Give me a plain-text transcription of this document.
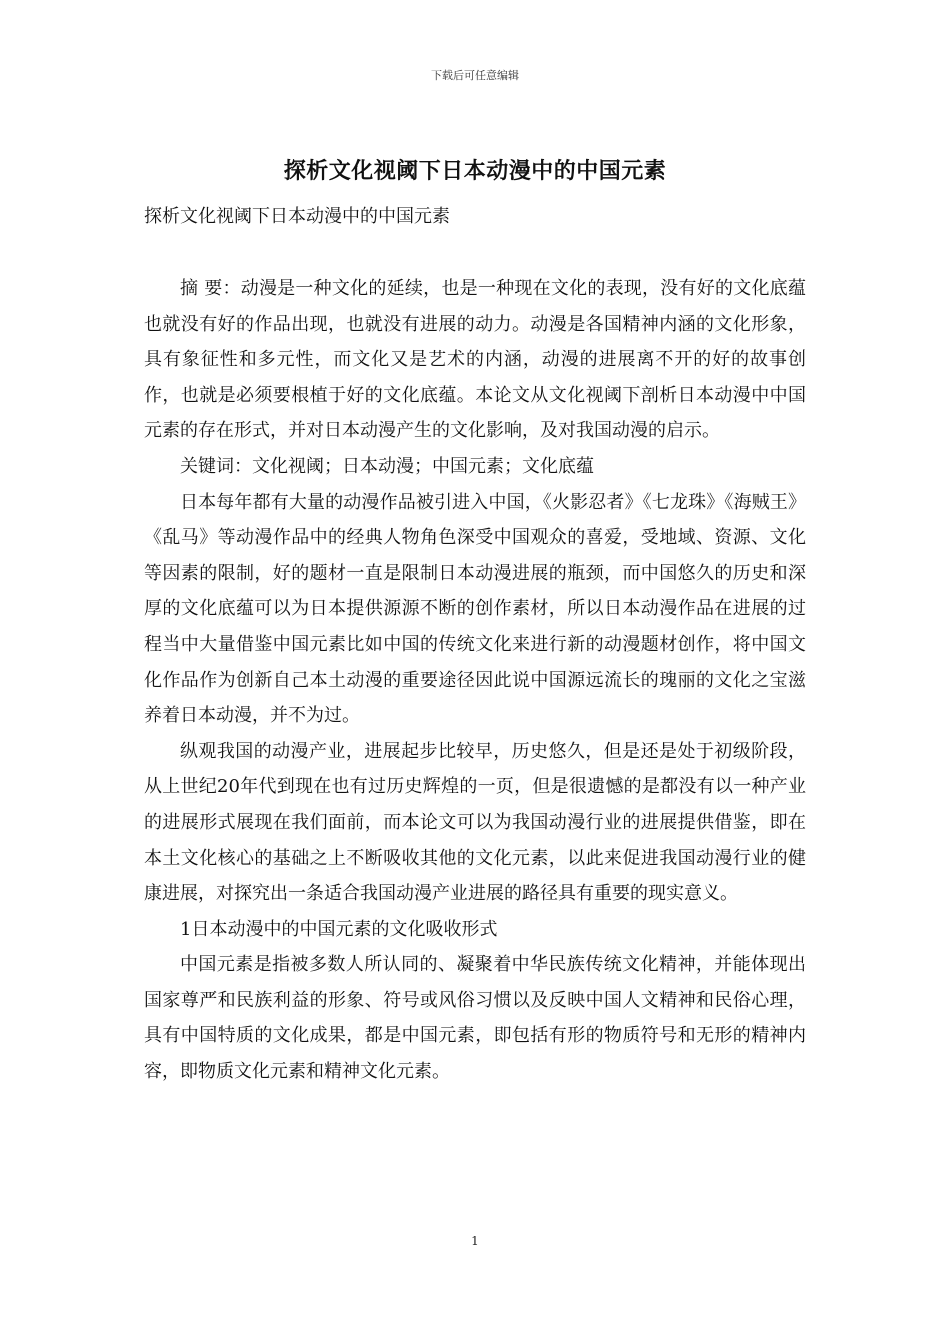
下载后可任意编辑
探析文化视阈下日本动漫中的中国元素

探析文化视阈下日本动漫中的中国元素

摘 要：动漫是一种文化的延续，也是一种现在文化的表现，没有好的文化底蕴也就没有好的作品出现，也就没有进展的动力。动漫是各国精神内涵的文化形象，具有象征性和多元性，而文化又是艺术的内涵，动漫的进展离不开的好的故事创作，也就是必须要根植于好的文化底蕴。本论文从文化视阈下剖析日本动漫中中国元素的存在形式，并对日本动漫产生的文化影响，及对我国动漫的启示。

关键词：文化视阈；日本动漫；中国元素；文化底蕴

日本每年都有大量的动漫作品被引进入中国，《火影忍者》《七龙珠》《海贼王》《乱马》等动漫作品中的经典人物角色深受中国观众的喜爱，受地域、资源、文化等因素的限制，好的题材一直是限制日本动漫进展的瓶颈，而中国悠久的历史和深厚的文化底蕴可以为日本提供源源不断的创作素材，所以日本动漫作品在进展的过程当中大量借鉴中国元素比如中国的传统文化来进行新的动漫题材创作，将中国文化作品作为创新自己本土动漫的重要途径因此说中国源远流长的瑰丽的文化之宝滋养着日本动漫，并不为过。

纵观我国的动漫产业，进展起步比较早，历史悠久，但是还是处于初级阶段，从上世纪20年代到现在也有过历史辉煌的一页，但是很遗憾的是都没有以一种产业的进展形式展现在我们面前，而本论文可以为我国动漫行业的进展提供借鉴，即在本土文化核心的基础之上不断吸收其他的文化元素，以此来促进我国动漫行业的健康进展，对探究出一条适合我国动漫产业进展的路径具有重要的现实意义。

1日本动漫中的中国元素的文化吸收形式

中国元素是指被多数人所认同的、凝聚着中华民族传统文化精神，并能体现出国家尊严和民族利益的形象、符号或风俗习惯以及反映中国人文精神和民俗心理，具有中国特质的文化成果，都是中国元素，即包括有形的物质符号和无形的精神内容，即物质文化元素和精神文化元素。

1
